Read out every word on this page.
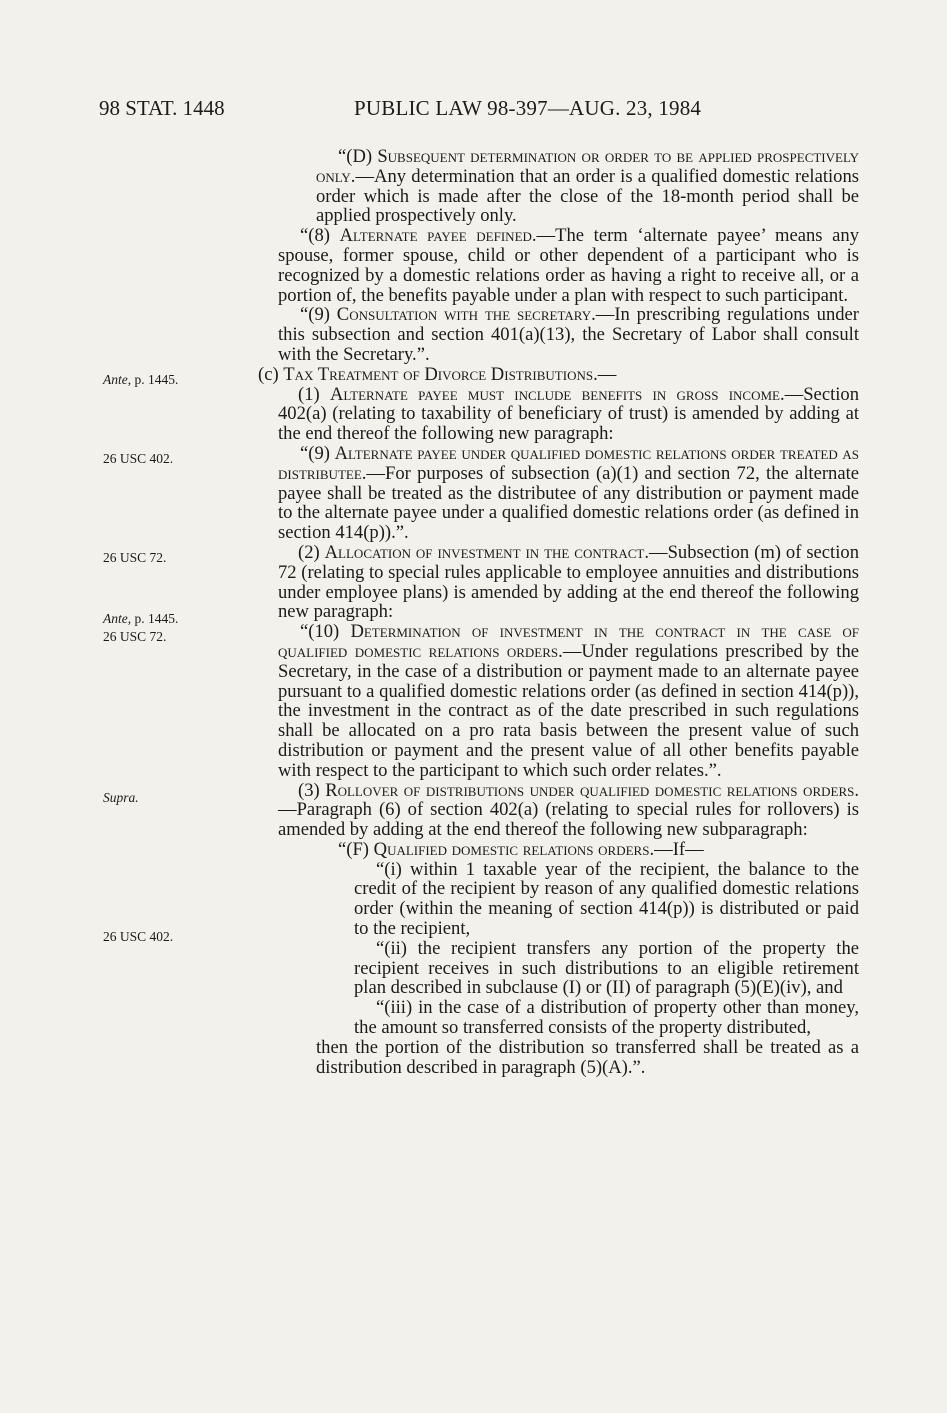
98 STAT. 1448	PUBLIC LAW 98-397—AUG. 23, 1984
Ante, p. 1445.
26 USC 402.
26 USC 72.
Ante, p. 1445.
26 USC 72.
Supra.
26 USC 402.

“(D) Subsequent determination or order to be applied prospectively only.—Any determination that an order is a qualified domestic relations order which is made after the close of the 18-month period shall be applied prospectively only.

“(8) Alternate payee defined.—The term ‘alternate payee’ means any spouse, former spouse, child or other dependent of a participant who is recognized by a domestic relations order as having a right to receive all, or a portion of, the benefits payable under a plan with respect to such participant.

“(9) Consultation with the secretary.—In prescribing regulations under this subsection and section 401(a)(13), the Secretary of Labor shall consult with the Secretary.”.

(c) Tax Treatment of Divorce Distributions.—

(1) Alternate payee must include benefits in gross income.—Section 402(a) (relating to taxability of beneficiary of trust) is amended by adding at the end thereof the following new paragraph:

“(9) Alternate payee under qualified domestic relations order treated as distributee.—For purposes of subsection (a)(1) and section 72, the alternate payee shall be treated as the distributee of any distribution or payment made to the alternate payee under a qualified domestic relations order (as defined in section 414(p)).”.

(2) Allocation of investment in the contract.—Subsection (m) of section 72 (relating to special rules applicable to employee annuities and distributions under employee plans) is amended by adding at the end thereof the following new paragraph:

“(10) Determination of investment in the contract in the case of qualified domestic relations orders.—Under regulations prescribed by the Secretary, in the case of a distribution or payment made to an alternate payee pursuant to a qualified domestic relations order (as defined in section 414(p)), the investment in the contract as of the date prescribed in such regulations shall be allocated on a pro rata basis between the present value of such distribution or payment and the present value of all other benefits payable with respect to the participant to which such order relates.”.

(3) Rollover of distributions under qualified domestic relations orders.—Paragraph (6) of section 402(a) (relating to special rules for rollovers) is amended by adding at the end thereof the following new subparagraph:

“(F) Qualified domestic relations orders.—If—

“(i) within 1 taxable year of the recipient, the balance to the credit of the recipient by reason of any qualified domestic relations order (within the meaning of section 414(p)) is distributed or paid to the recipient,

“(ii) the recipient transfers any portion of the property the recipient receives in such distributions to an eligible retirement plan described in subclause (I) or (II) of paragraph (5)(E)(iv), and

“(iii) in the case of a distribution of property other than money, the amount so transferred consists of the property distributed,

then the portion of the distribution so transferred shall be treated as a distribution described in paragraph (5)(A).”.
